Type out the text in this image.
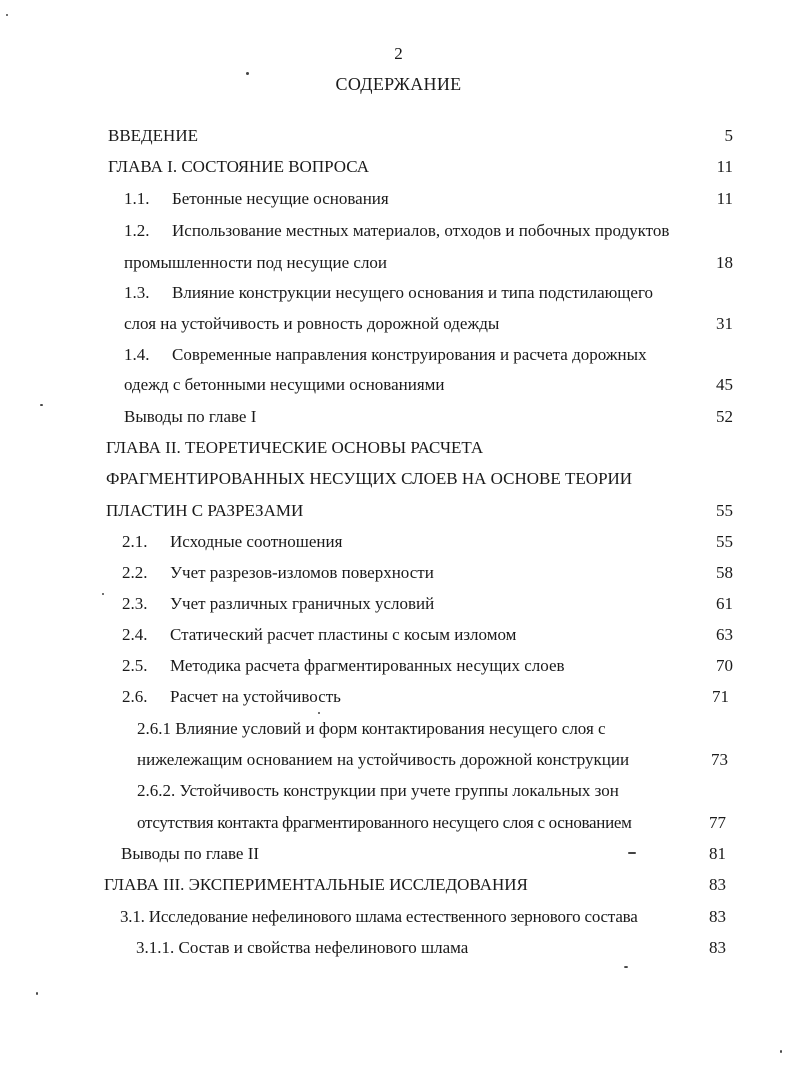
2
СОДЕРЖАНИЕ
ВВЕДЕНИЕ	5
ГЛАВА I. СОСТОЯНИЕ ВОПРОСА	11
1.1. Бетонные несущие основания	11
1.2. Использование местных материалов, отходов и побочных продуктов
промышленности под несущие слои	18
1.3. Влияние конструкции несущего основания и типа подстилающего
слоя на устойчивость и ровность дорожной одежды	31
1.4. Современные направления конструирования и расчета дорожных
одежд с бетонными несущими основаниями	45
Выводы по главе I	52
ГЛАВА II. ТЕОРЕТИЧЕСКИЕ ОСНОВЫ РАСЧЕТА
ФРАГМЕНТИРОВАННЫХ НЕСУЩИХ СЛОЕВ НА ОСНОВЕ ТЕОРИИ
ПЛАСТИН С РАЗРЕЗАМИ	55
2.1. Исходные соотношения	55
2.2. Учет разрезов-изломов поверхности	58
2.3. Учет различных граничных условий	61
2.4. Статический расчет пластины с косым изломом	63
2.5. Методика расчета фрагментированных несущих слоев	70
2.6. Расчет на устойчивость	71
2.6.1 Влияние условий и форм контактирования несущего слоя с
нижележащим основанием на устойчивость дорожной конструкции	73
2.6.2. Устойчивость конструкции при учете группы локальных зон
отсутствия контакта фрагментированного несущего слоя с основанием	77
Выводы по главе II	81
ГЛАВА III. ЭКСПЕРИМЕНТАЛЬНЫЕ ИССЛЕДОВАНИЯ	83
3.1. Исследование нефелинового шлама естественного зернового состава	83
3.1.1. Состав и свойства нефелинового шлама	83
